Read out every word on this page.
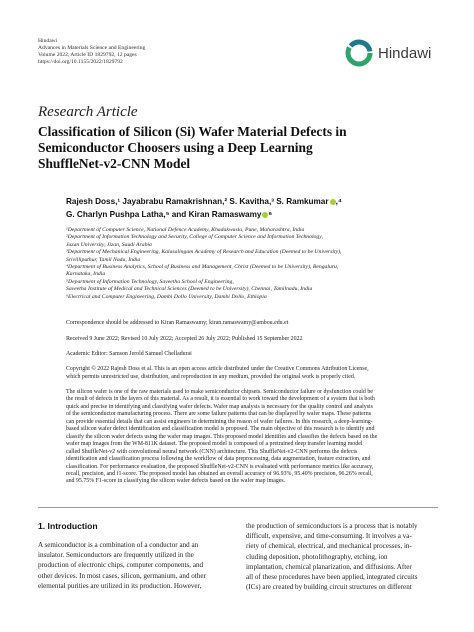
Hindawi
Advances in Materials Science and Engineering
Volume 2022, Article ID 1829792, 12 pages
https://doi.org/10.1155/2022/1829792
Hindawi
Research Article
Classification of Silicon (Si) Wafer Material Defects in
Semiconductor Choosers using a Deep Learning
ShuffleNet-v2-CNN Model
Rajesh Doss,¹ Jayabrabu Ramakrishnan,² S. Kavitha,³ S. Ramkumar ,⁴
G. Charlyn Pushpa Latha,⁵ and Kiran Ramaswamy ⁶
¹Department of Computer Science, National Defence Academy, Khadakwasla, Pune, Maharashtra, India
²Department of Information Technology and Security, College of Computer Science and Information Technology,
Jazan University, Jizan, Saudi Arabia
³Department of Mechanical Engineering, Kalasalingam Academy of Research and Education (Deemed to be University),
Srivilliputhur, Tamil Nadu, India
⁴Department of Business Analytics, School of Business and Management, Christ (Deemed to be University), Bengaluru,
Karnataka, India
⁵Department of Information Technology, Saveetha School of Engineering,
Saveetha Institute of Medical and Technical Sciences (Deemed to be University), Chennai, Tamilnadu, India
⁶Electrical and Computer Engineering, Dambi Dollo University, Dambi Dollo, Ethiopia
Correspondence should be addressed to Kiran Ramaswamy; kiran.ramaswamy@ambou.edu.et
Received 9 June 2022; Revised 10 July 2022; Accepted 26 July 2022; Published 15 September 2022
Academic Editor: Samson Jerold Samuel Chelladurai
Copyright © 2022 Rajesh Doss et al. This is an open access article distributed under the Creative Commons Attribution License,
which permits unrestricted use, distribution, and reproduction in any medium, provided the original work is properly cited.
The silicon wafer is one of the raw materials used to make semiconductor chipsets. Semiconductor failure or dysfunction could be
the result of defects in the layers of this material. As a result, it is essential to work toward the development of a system that is both
quick and precise in identifying and classifying wafer defects. Wafer map analysis is necessary for the quality control and analysis
of the semiconductor manufacturing process. There are some failure patterns that can be displayed by wafer maps. These patterns
can provide essential details that can assist engineers in determining the reason of wafer failures. In this research, a deep-learning-
based silicon wafer defect identification and classification model is proposed. The main objective of this research is to identify and
classify the silicon wafer defects using the wafer map images. This proposed model identifies and classifies the defects based on the
wafer map images from the WM-811K dataset. The proposed model is composed of a pretrained deep transfer learning model
called ShuffleNet-v2 with convolutional neural network (CNN) architecture. This ShuffleNet-v2-CNN performs the defects
identification and classification process following the workflow of data preprocessing, data augmentation, feature extraction, and
classification. For performance evaluation, the proposed ShuffleNet-v2-CNN is evaluated with performance metrics like accuracy,
recall, precision, and f1-score. The proposed model has obtained an overall accuracy of 96.93%, 95.40% precision, 96.26% recall,
and 95.75% F1-score in classifying the silicon wafer defects based on the wafer map images.
1. Introduction
A semiconductor is a combination of a conductor and an
insulator. Semiconductors are frequently utilized in the
production of electronic chips, computer components, and
other devices. In most cases, silicon, germanium, and other
elemental purities are utilized in its production. However,
the production of semiconductors is a process that is notably
difficult, expensive, and time-consuming. It involves a va-
riety of chemical, electrical, and mechanical processes, in-
cluding deposition, photolithography, etching, ion
implantation, chemical planarization, and diffusions. After
all of these procedures have been applied, integrated circuits
(ICs) are created by building circuit structures on different
